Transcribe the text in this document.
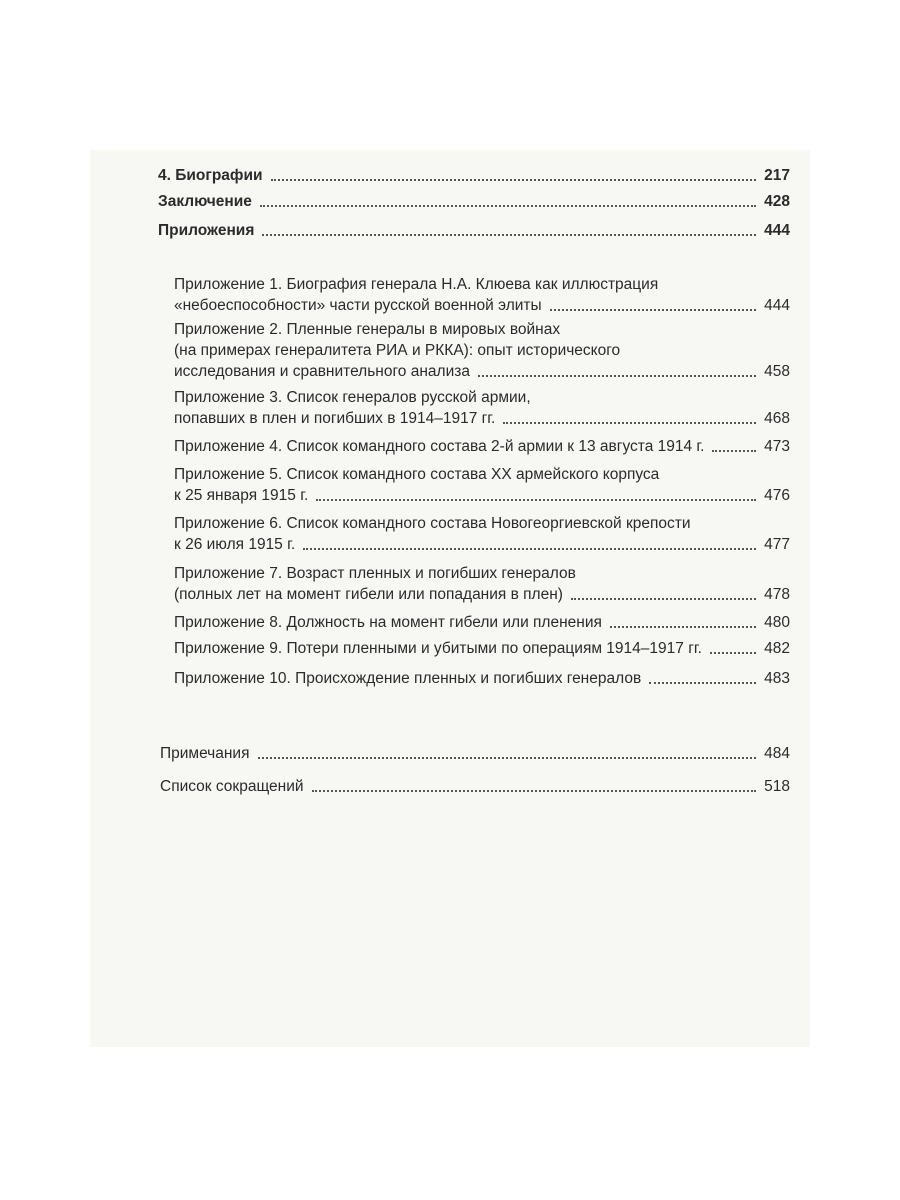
4. Биографии	217
Заключение	428
Приложения	444
Приложение 1. Биография генерала Н.А. Клюева как иллюстрация
«небоеспособности» части русской военной элиты	444
Приложение 2. Пленные генералы в мировых войнах
(на примерах генералитета РИА и РККА): опыт исторического
исследования и сравнительного анализа	458
Приложение 3. Список генералов русской армии,
попавших в плен и погибших в 1914–1917 гг.	468
Приложение 4. Список командного состава 2-й армии к 13 августа 1914 г.	473
Приложение 5. Список командного состава XX армейского корпуса
к 25 января 1915 г.	476
Приложение 6. Список командного состава Новогеоргиевской крепости
к 26 июля 1915 г.	477
Приложение 7. Возраст пленных и погибших генералов
(полных лет на момент гибели или попадания в плен)	478
Приложение 8. Должность на момент гибели или пленения	480
Приложение 9. Потери пленными и убитыми по операциям 1914–1917 гг.	482
Приложение 10. Происхождение пленных и погибших генералов	483
Примечания	484
Список сокращений	518
